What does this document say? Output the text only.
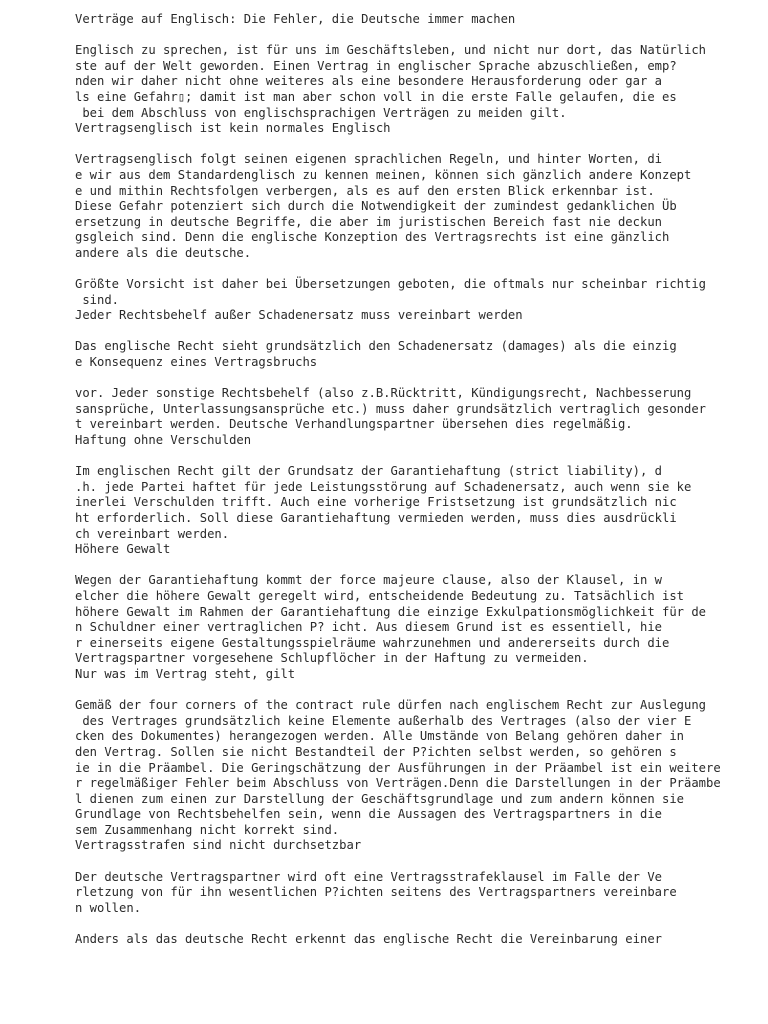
Verträge auf Englisch: Die Fehler, die Deutsche immer machen
Englisch zu sprechen, ist für uns im Geschäftsleben, und nicht nur dort, das Natürlich
ste auf der Welt geworden. Einen Vertrag in englischer Sprache abzuschließen, emp?
nden wir daher nicht ohne weiteres als eine besondere Herausforderung oder gar a
ls eine Gefahr▯; damit ist man aber schon voll in die erste Falle gelaufen, die es
bei dem Abschluss von englischsprachigen Verträgen zu meiden gilt.
Vertragsenglisch ist kein normales Englisch
Vertragsenglisch folgt seinen eigenen sprachlichen Regeln, und hinter Worten, di
e wir aus dem Standardenglisch zu kennen meinen, können sich gänzlich andere Konzept
e und mithin Rechtsfolgen verbergen, als es auf den ersten Blick erkennbar ist.
Diese Gefahr potenziert sich durch die Notwendigkeit der zumindest gedanklichen Üb
ersetzung in deutsche Begriffe, die aber im juristischen Bereich fast nie deckun
gsgleich sind. Denn die englische Konzeption des Vertragsrechts ist eine gänzlich
andere als die deutsche.
Größte Vorsicht ist daher bei Übersetzungen geboten, die oftmals nur scheinbar richtig
sind.
Jeder Rechtsbehelf außer Schadenersatz muss vereinbart werden
Das englische Recht sieht grundsätzlich den Schadenersatz (damages) als die einzig
e Konsequenz eines Vertragsbruchs
vor. Jeder sonstige Rechtsbehelf (also z.B.Rücktritt, Kündigungsrecht, Nachbesserung
sansprüche, Unterlassungsansprüche etc.) muss daher grundsätzlich vertraglich gesonder
t vereinbart werden. Deutsche Verhandlungspartner übersehen dies regelmäßig.
Haftung ohne Verschulden
Im englischen Recht gilt der Grundsatz der Garantiehaftung (strict liability), d
.h. jede Partei haftet für jede Leistungsstörung auf Schadenersatz, auch wenn sie ke
inerlei Verschulden trifft. Auch eine vorherige Fristsetzung ist grundsätzlich nic
ht erforderlich. Soll diese Garantiehaftung vermieden werden, muss dies ausdrückli
ch vereinbart werden.
Höhere Gewalt
Wegen der Garantiehaftung kommt der force majeure clause, also der Klausel, in w
elcher die höhere Gewalt geregelt wird, entscheidende Bedeutung zu. Tatsächlich ist
höhere Gewalt im Rahmen der Garantiehaftung die einzige Exkulpationsmöglichkeit für de
n Schuldner einer vertraglichen P? icht. Aus diesem Grund ist es essentiell, hie
r einerseits eigene Gestaltungsspielräume wahrzunehmen und andererseits durch die
Vertragspartner vorgesehene Schlupflöcher in der Haftung zu vermeiden.
Nur was im Vertrag steht, gilt
Gemäß der four corners of the contract rule dürfen nach englischem Recht zur Auslegung
des Vertrages grundsätzlich keine Elemente außerhalb des Vertrages (also der vier E
cken des Dokumentes) herangezogen werden. Alle Umstände von Belang gehören daher in
den Vertrag. Sollen sie nicht Bestandteil der P?ichten selbst werden, so gehören s
ie in die Präambel. Die Geringschätzung der Ausführungen in der Präambel ist ein weitere
r regelmäßiger Fehler beim Abschluss von Verträgen.Denn die Darstellungen in der Präambe
l dienen zum einen zur Darstellung der Geschäftsgrundlage und zum andern können sie
Grundlage von Rechtsbehelfen sein, wenn die Aussagen des Vertragspartners in die
sem Zusammenhang nicht korrekt sind.
Vertragsstrafen sind nicht durchsetzbar
Der deutsche Vertragspartner wird oft eine Vertragsstrafeklausel im Falle der Ve
rletzung von für ihn wesentlichen P?ichten seitens des Vertragspartners vereinbare
n wollen.
Anders als das deutsche Recht erkennt das englische Recht die Vereinbarung einer
